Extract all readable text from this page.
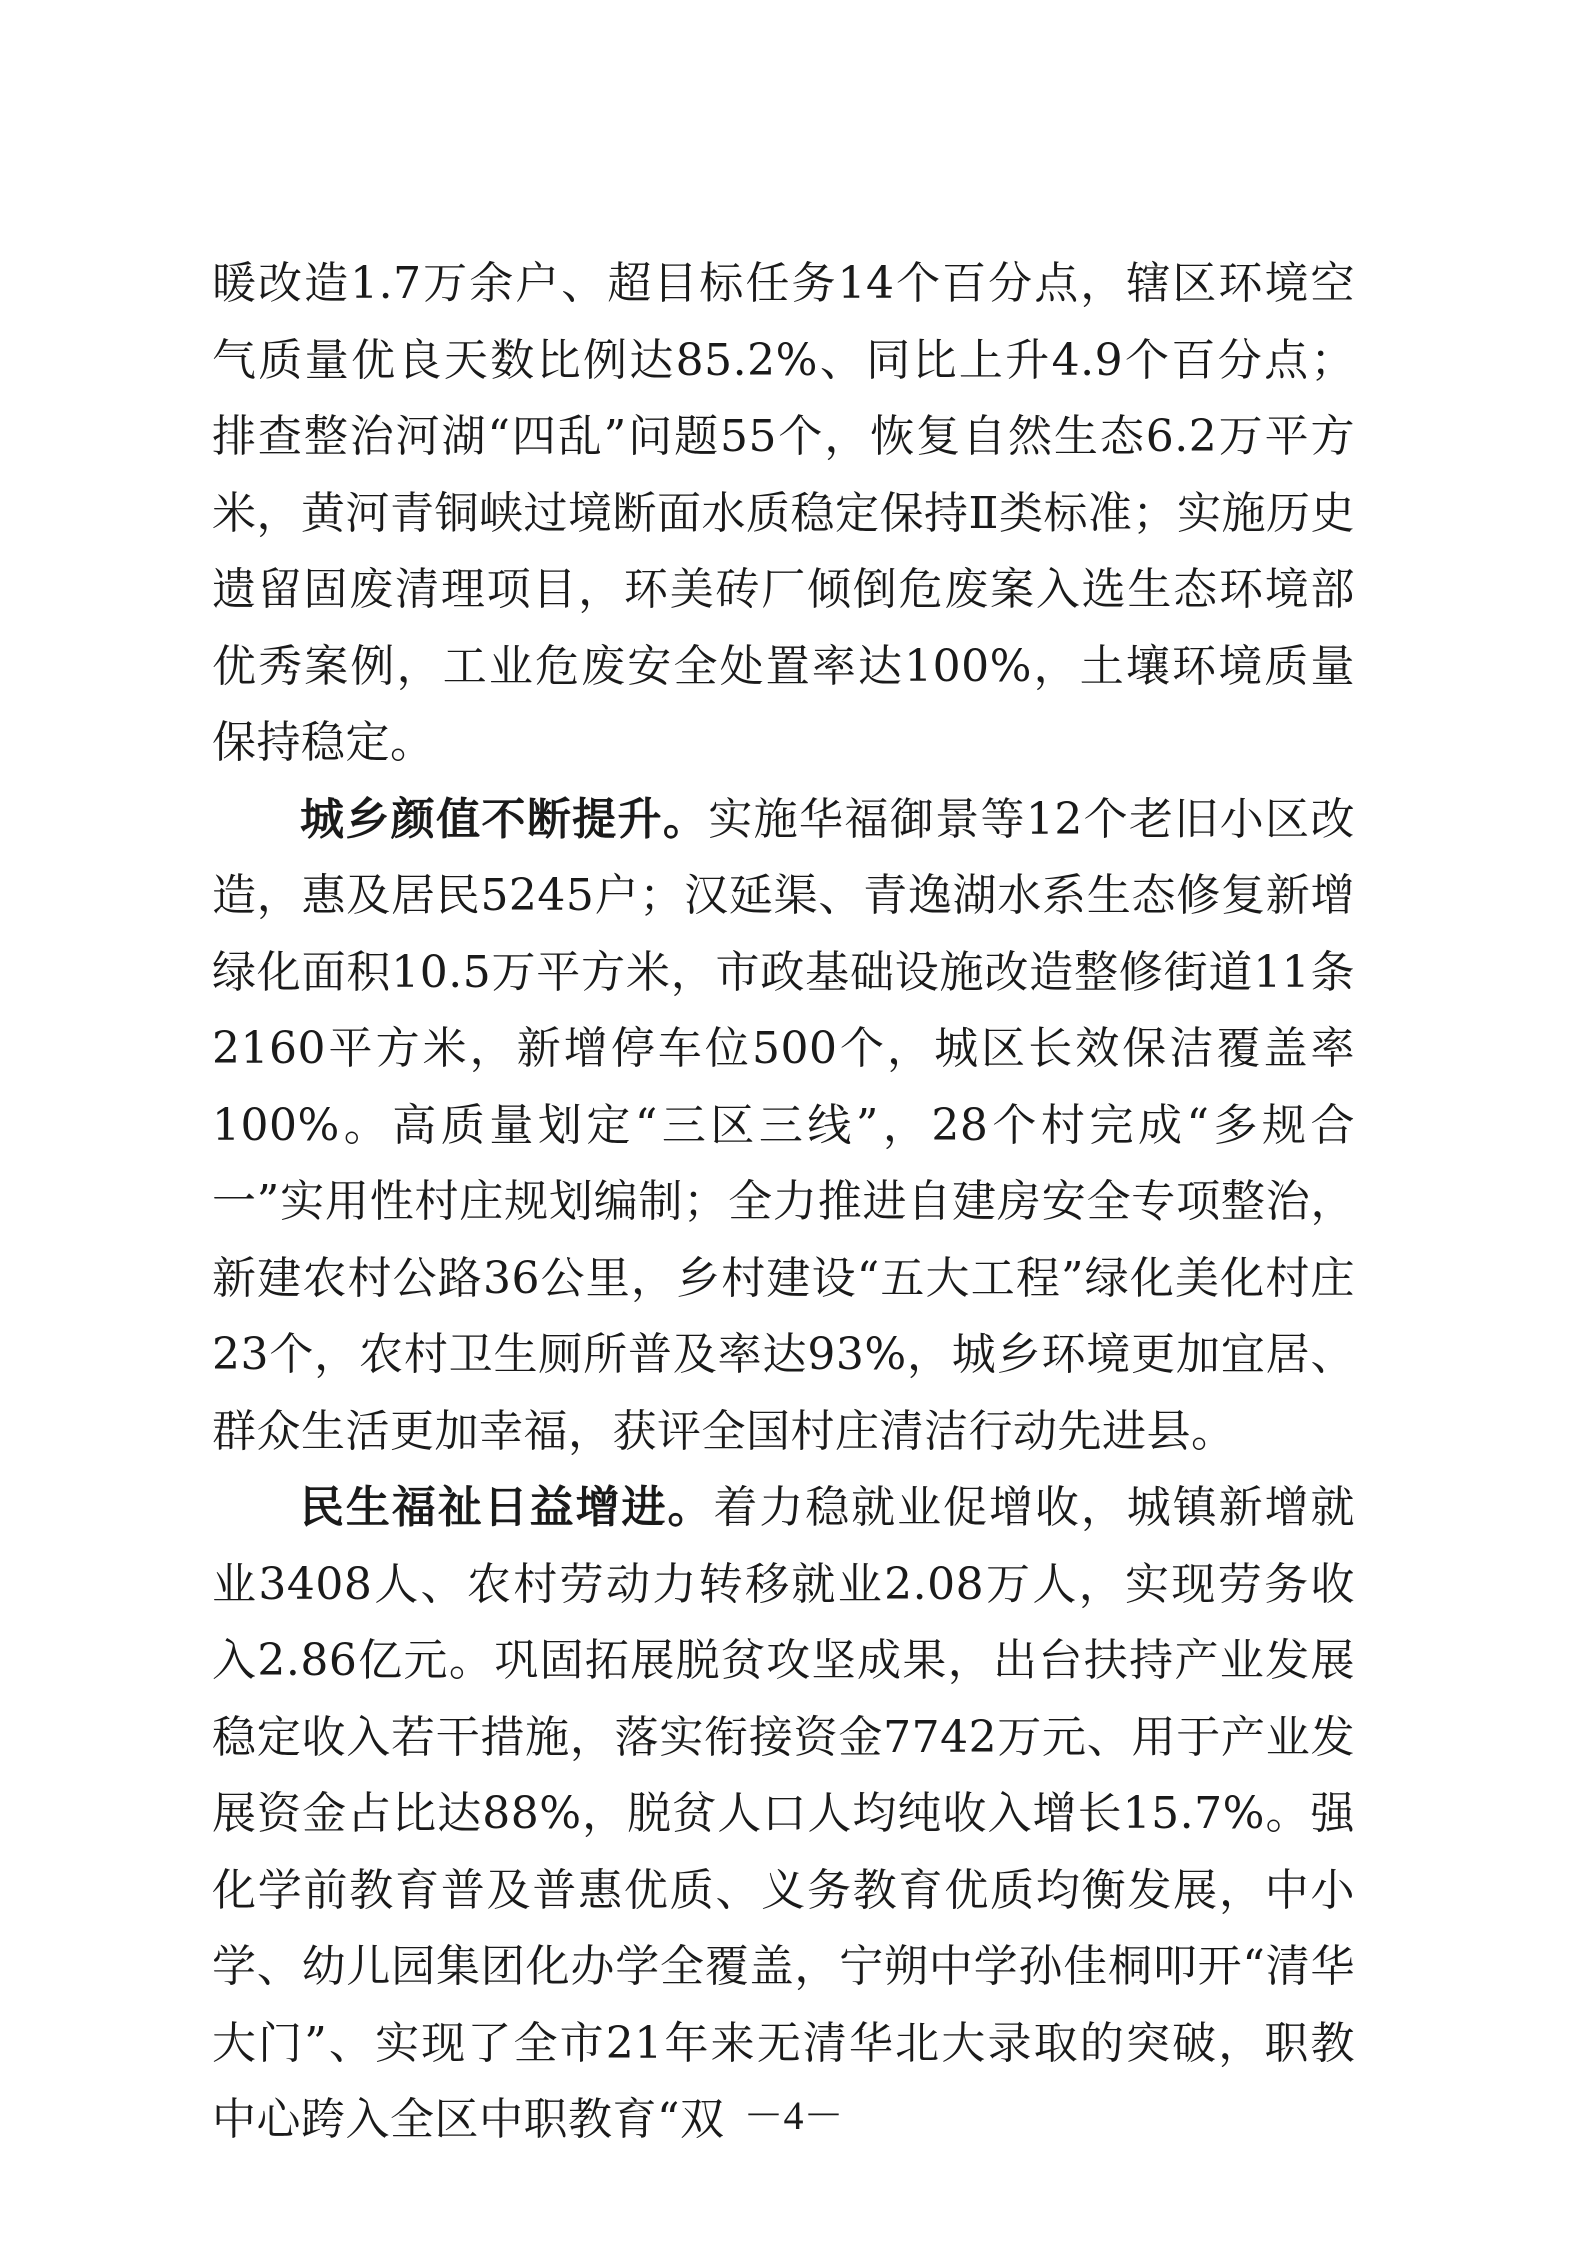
暖改造1.7万余户、超目标任务14个百分点，辖区环境空气质量优良天数比例达85.2%、同比上升4.9个百分点；排查整治河湖“四乱”问题55个，恢复自然生态6.2万平方米，黄河青铜峡过境断面水质稳定保持Ⅱ类标准；实施历史遗留固废清理项目，环美砖厂倾倒危废案入选生态环境部优秀案例，工业危废安全处置率达100%，土壤环境质量保持稳定。

城乡颜值不断提升。实施华福御景等12个老旧小区改造，惠及居民5245户；汉延渠、青逸湖水系生态修复新增绿化面积10.5万平方米，市政基础设施改造整修街道11条2160平方米，新增停车位500个，城区长效保洁覆盖率100%。高质量划定“三区三线”，28个村完成“多规合一”实用性村庄规划编制；全力推进自建房安全专项整治，新建农村公路36公里，乡村建设“五大工程”绿化美化村庄23个，农村卫生厕所普及率达93%，城乡环境更加宜居、群众生活更加幸福，获评全国村庄清洁行动先进县。

民生福祉日益增进。着力稳就业促增收，城镇新增就业3408人、农村劳动力转移就业2.08万人，实现劳务收入2.86亿元。巩固拓展脱贫攻坚成果，出台扶持产业发展稳定收入若干措施，落实衔接资金7742万元、用于产业发展资金占比达88%，脱贫人口人均纯收入增长15.7%。强化学前教育普及普惠优质、义务教育优质均衡发展，中小学、幼儿园集团化办学全覆盖，宁朔中学孙佳桐叩开“清华大门”、实现了全市21年来无清华北大录取的突破，职教中心跨入全区中职教育“双 －4－
